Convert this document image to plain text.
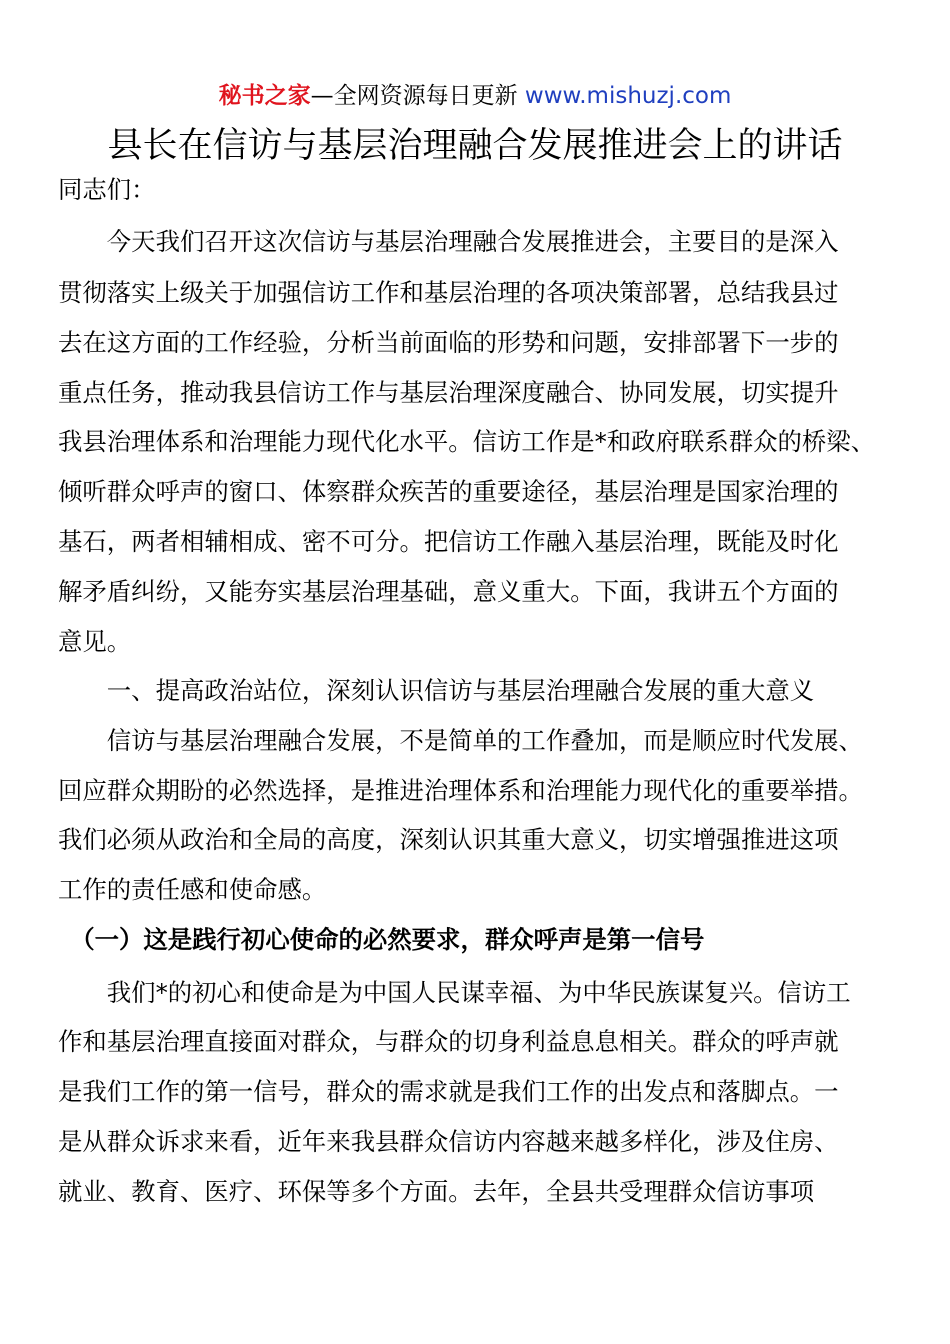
秘书之家—全网资源每日更新 www.mishuzj.com
县长在信访与基层治理融合发展推进会上的讲话
同志们：
　　今天我们召开这次信访与基层治理融合发展推进会，主要目的是深入
贯彻落实上级关于加强信访工作和基层治理的各项决策部署，总结我县过
去在这方面的工作经验，分析当前面临的形势和问题，安排部署下一步的
重点任务，推动我县信访工作与基层治理深度融合、协同发展，切实提升
我县治理体系和治理能力现代化水平。信访工作是*和政府联系群众的桥梁、
倾听群众呼声的窗口、体察群众疾苦的重要途径，基层治理是国家治理的
基石，两者相辅相成、密不可分。把信访工作融入基层治理，既能及时化
解矛盾纠纷，又能夯实基层治理基础，意义重大。下面，我讲五个方面的
意见。
　　一、提高政治站位，深刻认识信访与基层治理融合发展的重大意义
　　信访与基层治理融合发展，不是简单的工作叠加，而是顺应时代发展、
回应群众期盼的必然选择，是推进治理体系和治理能力现代化的重要举措。
我们必须从政治和全局的高度，深刻认识其重大意义，切实增强推进这项
工作的责任感和使命感。
　（一）这是践行初心使命的必然要求，群众呼声是第一信号
　　我们*的初心和使命是为中国人民谋幸福、为中华民族谋复兴。信访工
作和基层治理直接面对群众，与群众的切身利益息息相关。群众的呼声就
是我们工作的第一信号，群众的需求就是我们工作的出发点和落脚点。一
是从群众诉求来看，近年来我县群众信访内容越来越多样化，涉及住房、
就业、教育、医疗、环保等多个方面。去年，全县共受理群众信访事项
